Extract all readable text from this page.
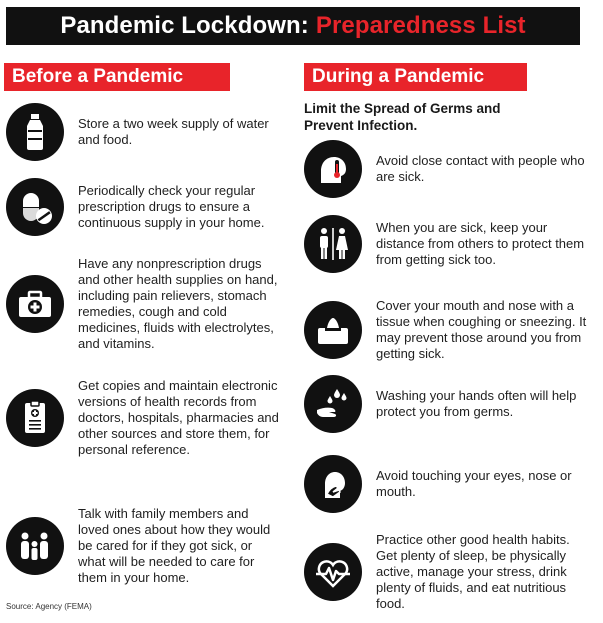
Pandemic Lockdown: Preparedness List
Before a Pandemic	During a Pandemic
Limit the Spread of Germs and Prevent Infection.
Store a two week supply of water and food.
Periodically check your regular prescription drugs to ensure a continuous supply in your home.
Have any nonprescription drugs and other health supplies on hand, including pain relievers, stomach remedies, cough and cold medicines, fluids with electrolytes, and vitamins.
Get copies and maintain electronic versions of health records from doctors, hospitals, pharmacies and other sources and store them, for personal reference.
Talk with family members and loved ones about how they would be cared for if they got sick, or what will be needed to care for them in your home.
Avoid close contact with people who are sick.
When you are sick, keep your distance from others to protect them from getting sick too.
Cover your mouth and nose with a tissue when coughing or sneezing. It may prevent those around you from getting sick.
Washing your hands often will help protect you from germs.
Avoid touching your eyes, nose or mouth.
Practice other good health habits. Get plenty of sleep, be physically active, manage your stress, drink plenty of fluids, and eat nutritious food.
Source: Agency (FEMA)
